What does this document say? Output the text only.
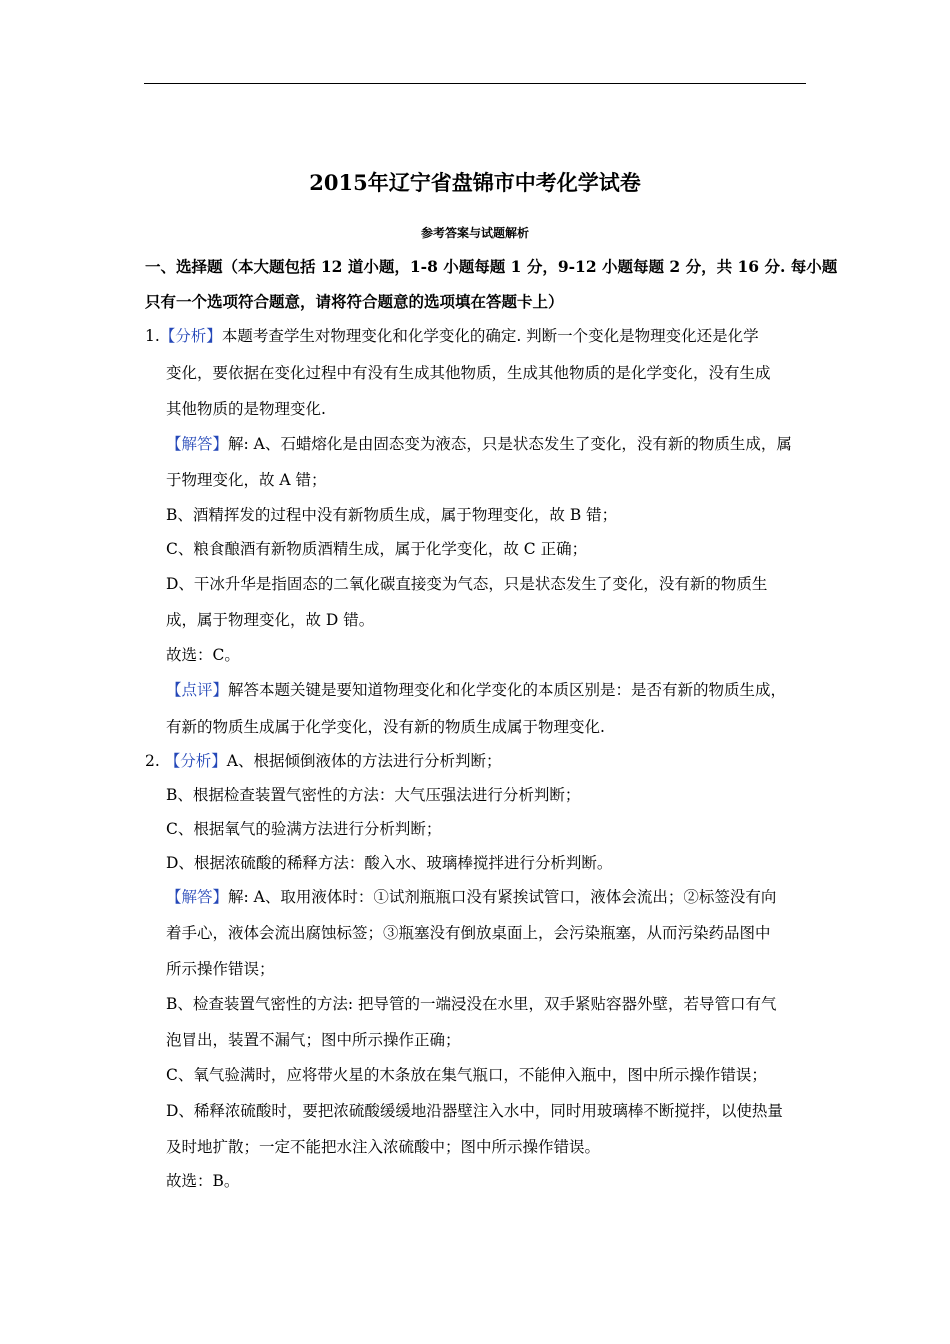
2015年辽宁省盘锦市中考化学试卷
参考答案与试题解析
一、选择题（本大题包括 12 道小题，1-8 小题每题 1 分，9-12 小题每题 2 分，共 16 分. 每小题
只有一个选项符合题意，请将符合题意的选项填在答题卡上）
1.【分析】本题考查学生对物理变化和化学变化的确定. 判断一个变化是物理变化还是化学
变化，要依据在变化过程中有没有生成其他物质，生成其他物质的是化学变化，没有生成
其他物质的是物理变化.
【解答】解: A、石蜡熔化是由固态变为液态，只是状态发生了变化，没有新的物质生成，属
于物理变化，故 A 错；
B、酒精挥发的过程中没有新物质生成，属于物理变化，故 B 错；
C、粮食酿酒有新物质酒精生成，属于化学变化，故 C 正确；
D、干冰升华是指固态的二氧化碳直接变为气态，只是状态发生了变化，没有新的物质生
成，属于物理变化，故 D 错。
故选：C。
【点评】解答本题关键是要知道物理变化和化学变化的本质区别是：是否有新的物质生成，
有新的物质生成属于化学变化，没有新的物质生成属于物理变化.
2. 【分析】A、根据倾倒液体的方法进行分析判断；
B、根据检查装置气密性的方法：大气压强法进行分析判断；
C、根据氧气的验满方法进行分析判断；
D、根据浓硫酸的稀释方法：酸入水、玻璃棒搅拌进行分析判断。
【解答】解: A、取用液体时：①试剂瓶瓶口没有紧挨试管口，液体会流出；②标签没有向
着手心，液体会流出腐蚀标签；③瓶塞没有倒放桌面上，会污染瓶塞，从而污染药品图中
所示操作错误；
B、检查装置气密性的方法: 把导管的一端浸没在水里，双手紧贴容器外壁，若导管口有气
泡冒出，装置不漏气；图中所示操作正确；
C、氧气验满时，应将带火星的木条放在集气瓶口，不能伸入瓶中，图中所示操作错误；
D、稀释浓硫酸时，要把浓硫酸缓缓地沿器壁注入水中，同时用玻璃棒不断搅拌，以使热量
及时地扩散；一定不能把水注入浓硫酸中；图中所示操作错误。
故选：B。
